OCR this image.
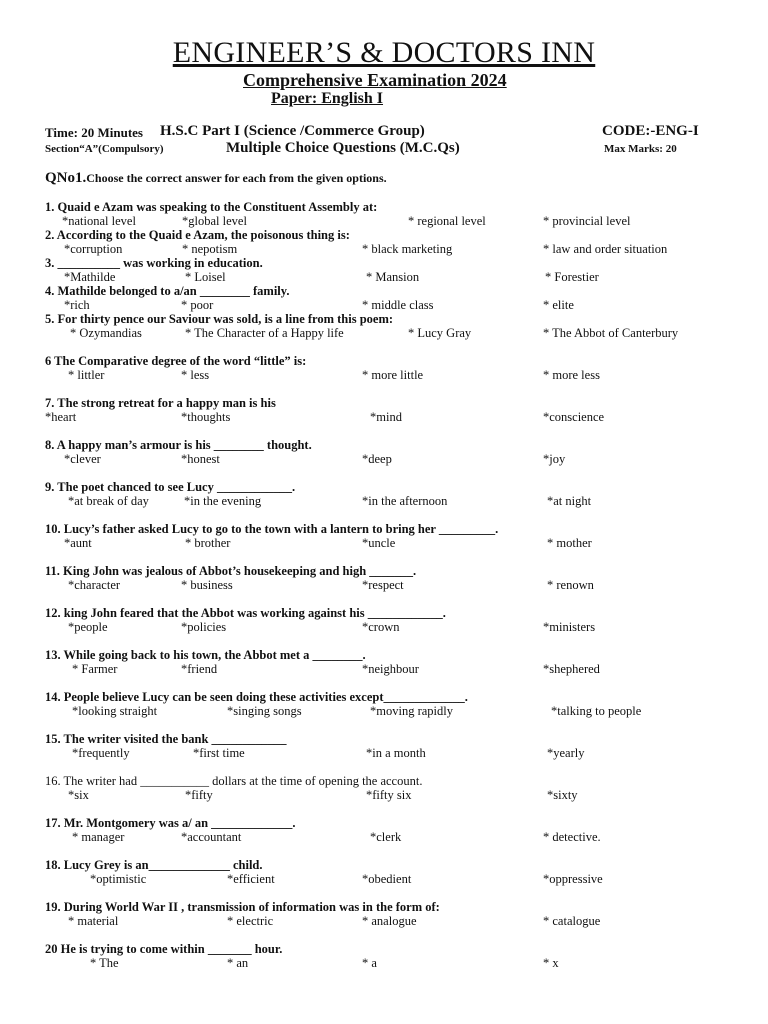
ENGINEER’S & DOCTORS INN
Comprehensive Examination 2024
Paper: English I
Time: 20 Minutes H.S.C Part I (Science /Commerce Group)	CODE:-ENG-I
Section“A”(Compulsory)	Multiple Choice Questions (M.C.Qs)	Max Marks: 20
QNo1.Choose the correct answer for each from the given options.
1. Quaid e Azam was speaking to the Constituent Assembly at:
*national level	*global level	* regional level	* provincial level
2. According to the Quaid e Azam, the poisonous thing is:
*corruption	* nepotism	* black marketing	* law and order situation
3. __________ was working in education.
*Mathilde	* Loisel	* Mansion	* Forestier
4. Mathilde belonged to a/an ________ family.
*rich	* poor	* middle class	* elite
5. For thirty pence our Saviour was sold, is a line from this poem:
* Ozymandias	* The Character of a Happy life	* Lucy Gray	* The Abbot of Canterbury
6 The Comparative degree of the word “little” is:
* littler	* less	* more little	* more less
7. The strong retreat for a happy man is his
*heart	*thoughts	*mind	*conscience
8. A happy man’s armour is his ________ thought.
*clever	*honest	*deep	*joy
9. The poet chanced to see Lucy ____________.
*at break of day	*in the evening	*in the afternoon	*at night
10. Lucy’s father asked Lucy to go to the town with a lantern to bring her _________.
*aunt	* brother	*uncle	* mother
11. King John was jealous of Abbot’s housekeeping and high _______.
*character	* business	*respect	* renown
12. king John feared that the Abbot was working against his ____________.
*people	*policies	*crown	*ministers
13. While going back to his town, the Abbot met a ________.
* Farmer	*friend	*neighbour	*shephered
14. People believe Lucy can be seen doing these activities except_____________.
*looking straight	*singing songs	*moving rapidly	*talking to people
15. The writer visited the bank ____________
*frequently	*first time	*in a month	*yearly
16. The writer had ___________ dollars at the time of opening the account.
*six	*fifty	*fifty six	*sixty
17. Mr. Montgomery was a/ an _____________.
* manager	*accountant	*clerk	* detective.
18. Lucy Grey is an_____________ child.
*optimistic	*efficient	*obedient	*oppressive
19. During World War II , transmission of information was in the form of:
* material	* electric	* analogue	* catalogue
20 He is trying to come within _______ hour.
* The	* an	* a	* x
